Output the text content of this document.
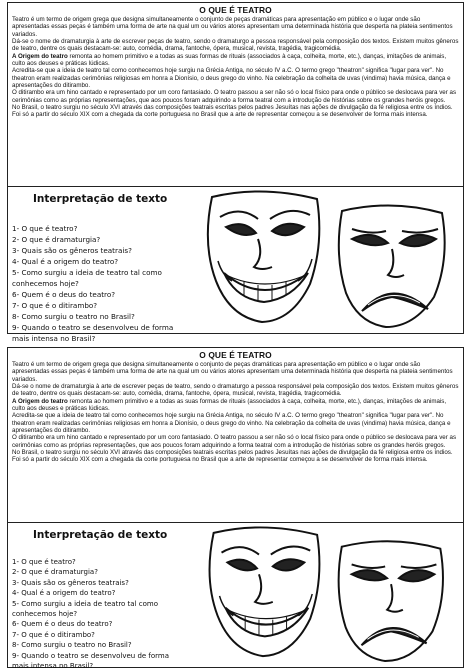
O QUE É TEATRO

Teatro é um termo de origem grega que designa simultaneamente o conjunto de peças dramáticas para apresentação em público e o lugar onde são apresentadas essas peças é também uma forma de arte na qual um ou vários atores apresentam uma determinada história que desperta na plateia sentimentos variados.

Dá-se o nome de dramaturgia à arte de escrever peças de teatro, sendo o dramaturgo a pessoa responsável pela composição dos textos. Existem muitos gêneros de teatro, dentre os quais destacam-se: auto, comédia, drama, fantoche, ópera, musical, revista, tragédia, tragicomédia.

A Origem do teatro remonta ao homem primitivo e a todas as suas formas de rituais (associados à caça, colheita, morte, etc.), danças, imitações de animais, culto aos deuses e práticas lúdicas.

Acredita-se que a ideia de teatro tal como conhecemos hoje surgiu na Grécia Antiga, no século IV a.C. O termo grego "theatron" significa "lugar para ver". No theatron eram realizadas cerimônias religiosas em honra a Dionísio, o deus grego do vinho. Na celebração da colheita de uvas (vindima) havia música, dança e apresentações do ditirambo.

O ditirambo era um hino cantado e representado por um coro fantasiado. O teatro passou a ser não só o local físico para onde o público se deslocava para ver as cerimônias como as próprias representações, que aos poucos foram adquirindo a forma teatral com a introdução de histórias sobre os grandes heróis gregos.

No Brasil, o teatro surgiu no século XVI através das composições teatrais escritas pelos padres Jesuítas nas ações de divulgação da fé religiosa entre os índios. Foi só a partir do século XIX com a chegada da corte portuguesa no Brasil que a arte de representar começou a se desenvolver de forma mais intensa.

Interpretação de texto

1- O que é teatro?
2- O que é dramaturgia?
3- Quais são os gêneros teatrais?
4- Qual é a origem do teatro?
5- Como surgiu a ideia de teatro tal como conhecemos hoje?
6- Quem é o deus do teatro?
7- O que é o ditirambo?
8- Como surgiu o teatro no Brasil?
9- Quando o teatro se desenvolveu de forma mais intensa no Brasil?

O QUE É TEATRO

Teatro é um termo de origem grega que designa simultaneamente o conjunto de peças dramáticas para apresentação em público e o lugar onde são apresentadas essas peças é também uma forma de arte na qual um ou vários atores apresentam uma determinada história que desperta na plateia sentimentos variados.

Dá-se o nome de dramaturgia à arte de escrever peças de teatro, sendo o dramaturgo a pessoa responsável pela composição dos textos. Existem muitos gêneros de teatro, dentre os quais destacam-se: auto, comédia, drama, fantoche, ópera, musical, revista, tragédia, tragicomédia.

A Origem do teatro remonta ao homem primitivo e a todas as suas formas de rituais (associados à caça, colheita, morte, etc.), danças, imitações de animais, culto aos deuses e práticas lúdicas.

Acredita-se que a ideia de teatro tal como conhecemos hoje surgiu na Grécia Antiga, no século IV a.C. O termo grego "theatron" significa "lugar para ver". No theatron eram realizadas cerimônias religiosas em honra a Dionísio, o deus grego do vinho. Na celebração da colheita de uvas (vindima) havia música, dança e apresentações do ditirambo.

O ditirambo era um hino cantado e representado por um coro fantasiado. O teatro passou a ser não só o local físico para onde o público se deslocava para ver as cerimônias como as próprias representações, que aos poucos foram adquirindo a forma teatral com a introdução de histórias sobre os grandes heróis gregos.

No Brasil, o teatro surgiu no século XVI através das composições teatrais escritas pelos padres Jesuítas nas ações de divulgação da fé religiosa entre os índios. Foi só a partir do século XIX com a chegada da corte portuguesa no Brasil que a arte de representar começou a se desenvolver de forma mais intensa.

Interpretação de texto

1- O que é teatro?
2- O que é dramaturgia?
3- Quais são os gêneros teatrais?
4- Qual é a origem do teatro?
5- Como surgiu a ideia de teatro tal como conhecemos hoje?
6- Quem é o deus do teatro?
7- O que é o ditirambo?
8- Como surgiu o teatro no Brasil?
9- Quando o teatro se desenvolveu de forma mais intensa no Brasil?
